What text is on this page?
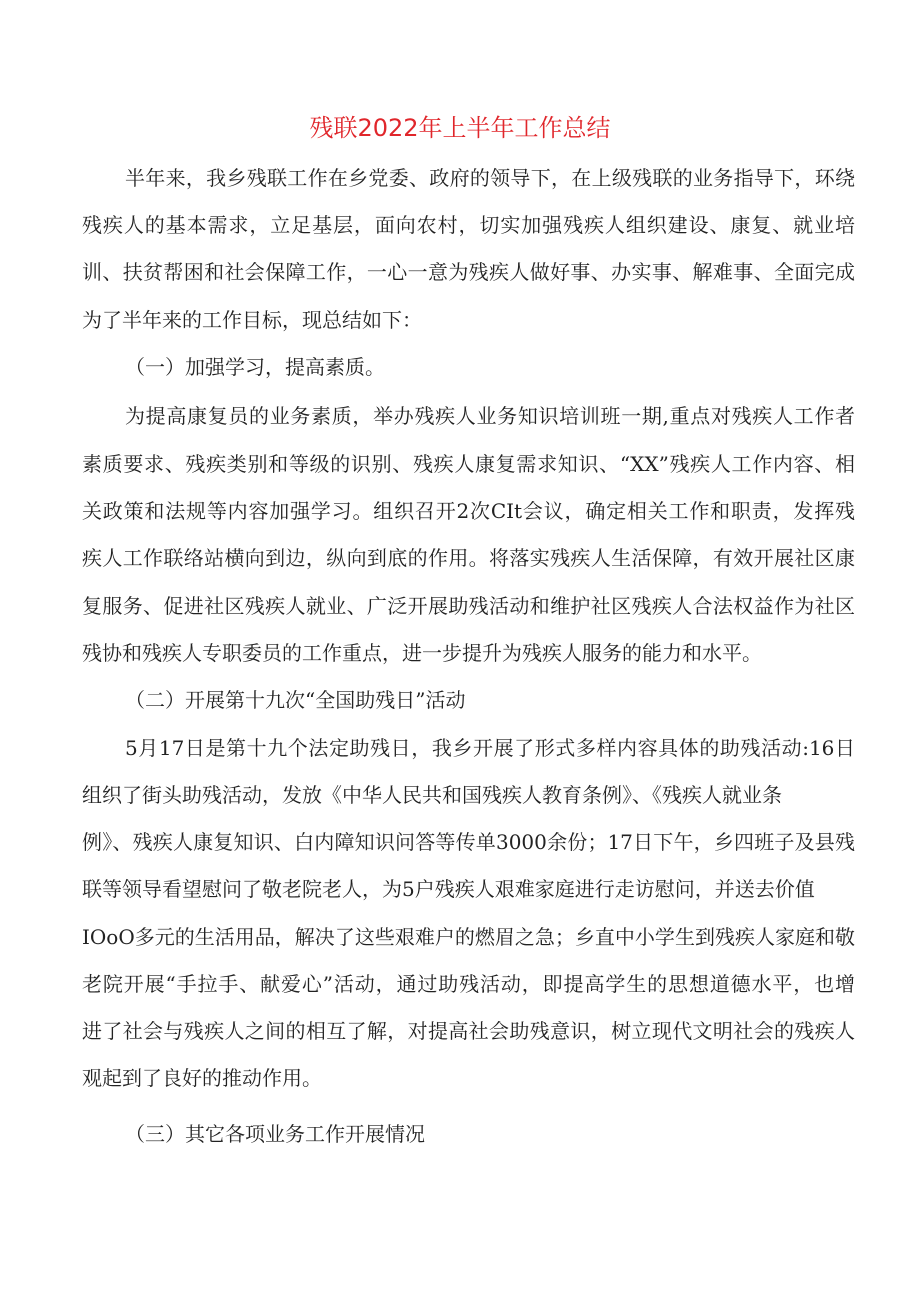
残联2022年上半年工作总结
半年来，我乡残联工作在乡党委、政府的领导下，在上级残联的业务指导下，环绕
残疾人的基本需求，立足基层，面向农村，切实加强残疾人组织建设、康复、就业培
训、扶贫帮困和社会保障工作，一心一意为残疾人做好事、办实事、解难事、全面完成
为了半年来的工作目标，现总结如下：
（一）加强学习，提高素质。
为提高康复员的业务素质，举办残疾人业务知识培训班一期,重点对残疾人工作者
素质要求、残疾类别和等级的识别、残疾人康复需求知识、“XX”残疾人工作内容、相
关政策和法规等内容加强学习。组织召开2次CIt会议，确定相关工作和职责，发挥残
疾人工作联络站横向到边，纵向到底的作用。将落实残疾人生活保障，有效开展社区康
复服务、促进社区残疾人就业、广泛开展助残活动和维护社区残疾人合法权益作为社区
残协和残疾人专职委员的工作重点，进一步提升为残疾人服务的能力和水平。
（二）开展第十九次“全国助残日”活动
5月17日是第十九个法定助残日，我乡开展了形式多样内容具体的助残活动:16日
组织了街头助残活动，发放《中华人民共和国残疾人教育条例》、《残疾人就业条
例》、残疾人康复知识、白内障知识问答等传单3000余份；17日下午，乡四班子及县残
联等领导看望慰问了敬老院老人，为5户残疾人艰难家庭进行走访慰问，并送去价值
IOoO多元的生活用品，解决了这些艰难户的燃眉之急；乡直中小学生到残疾人家庭和敬
老院开展“手拉手、献爱心”活动，通过助残活动，即提高学生的思想道德水平，也增
进了社会与残疾人之间的相互了解，对提高社会助残意识，树立现代文明社会的残疾人
观起到了良好的推动作用。
（三）其它各项业务工作开展情况
